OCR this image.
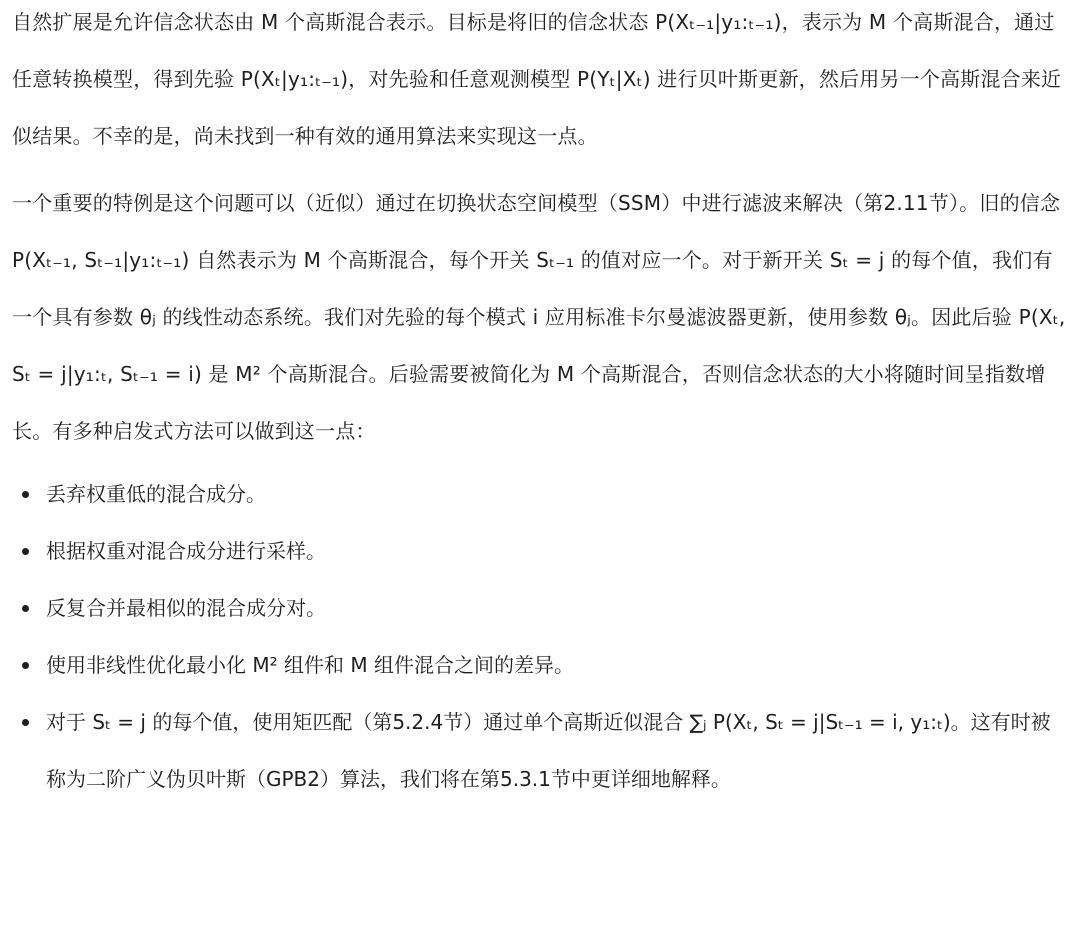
自然扩展是允许信念状态由 M 个高斯混合表示。目标是将旧的信念状态 P(Xₜ₋₁|y₁:ₜ₋₁)，表示为 M 个高斯混合，通过任意转换模型，得到先验 P(Xₜ|y₁:ₜ₋₁)，对先验和任意观测模型 P(Yₜ|Xₜ) 进行贝叶斯更新，然后用另一个高斯混合来近似结果。不幸的是，尚未找到一种有效的通用算法来实现这一点。

一个重要的特例是这个问题可以（近似）通过在切换状态空间模型（SSM）中进行滤波来解决（第2.11节）。旧的信念 P(Xₜ₋₁, Sₜ₋₁|y₁:ₜ₋₁) 自然表示为 M 个高斯混合，每个开关 Sₜ₋₁ 的值对应一个。对于新开关 Sₜ = j 的每个值，我们有一个具有参数 θⱼ 的线性动态系统。我们对先验的每个模式 i 应用标准卡尔曼滤波器更新，使用参数 θⱼ。因此后验 P(Xₜ, Sₜ = j|y₁:ₜ, Sₜ₋₁ = i) 是 M² 个高斯混合。后验需要被简化为 M 个高斯混合，否则信念状态的大小将随时间呈指数增长。有多种启发式方法可以做到这一点：

丢弃权重低的混合成分。
根据权重对混合成分进行采样。
反复合并最相似的混合成分对。
使用非线性优化最小化 M² 组件和 M 组件混合之间的差异。
对于 Sₜ = j 的每个值，使用矩匹配（第5.2.4节）通过单个高斯近似混合 ∑ⱼ P(Xₜ, Sₜ = j|Sₜ₋₁ = i, y₁:ₜ)。这有时被称为二阶广义伪贝叶斯（GPB2）算法，我们将在第5.3.1节中更详细地解释。
